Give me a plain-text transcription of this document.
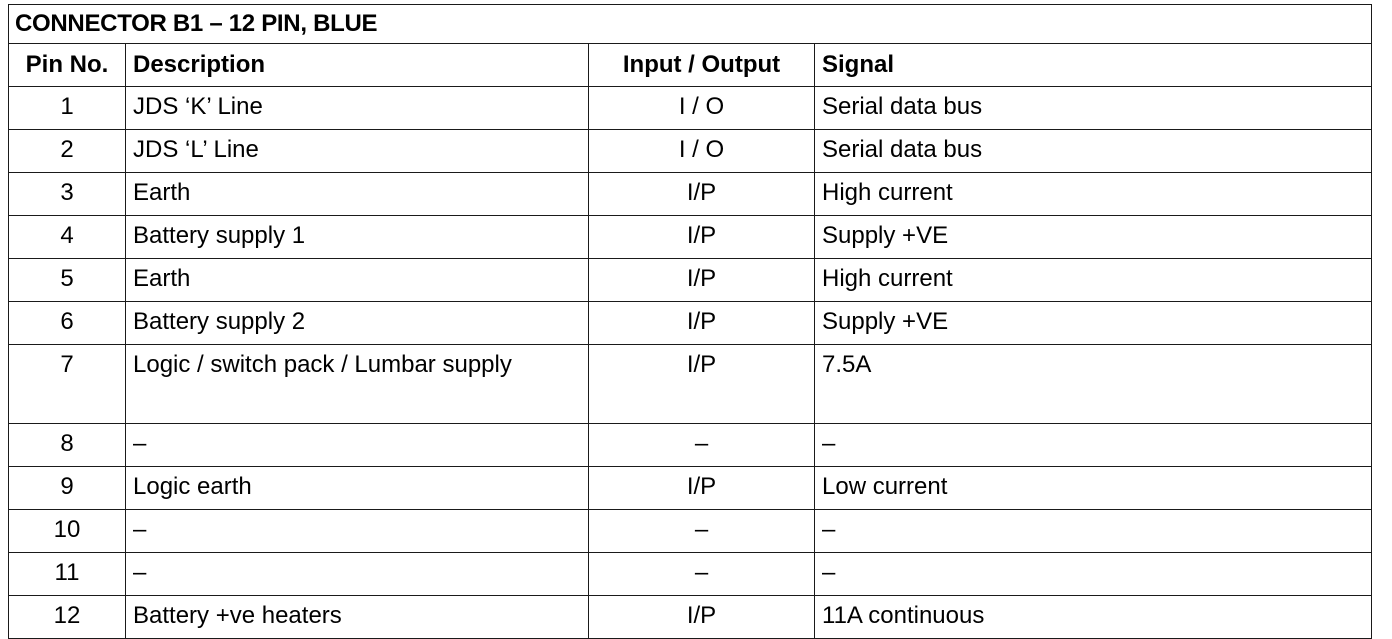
CONNECTOR B1 – 12 PIN, BLUE			
Pin No.	Description	Input / Output	Signal
1	JDS ‘K’ Line	I / O	Serial data bus
2	JDS ‘L’ Line	I / O	Serial data bus
3	Earth	I/P	High current
4	Battery supply 1	I/P	Supply +VE
5	Earth	I/P	High current
6	Battery supply 2	I/P	Supply +VE
7	Logic / switch pack / Lumbar supply	I/P	7.5A
8	–	–	–
9	Logic earth	I/P	Low current
10	–	–	–
11	–	–	–
12	Battery +ve heaters	I/P	11A continuous
